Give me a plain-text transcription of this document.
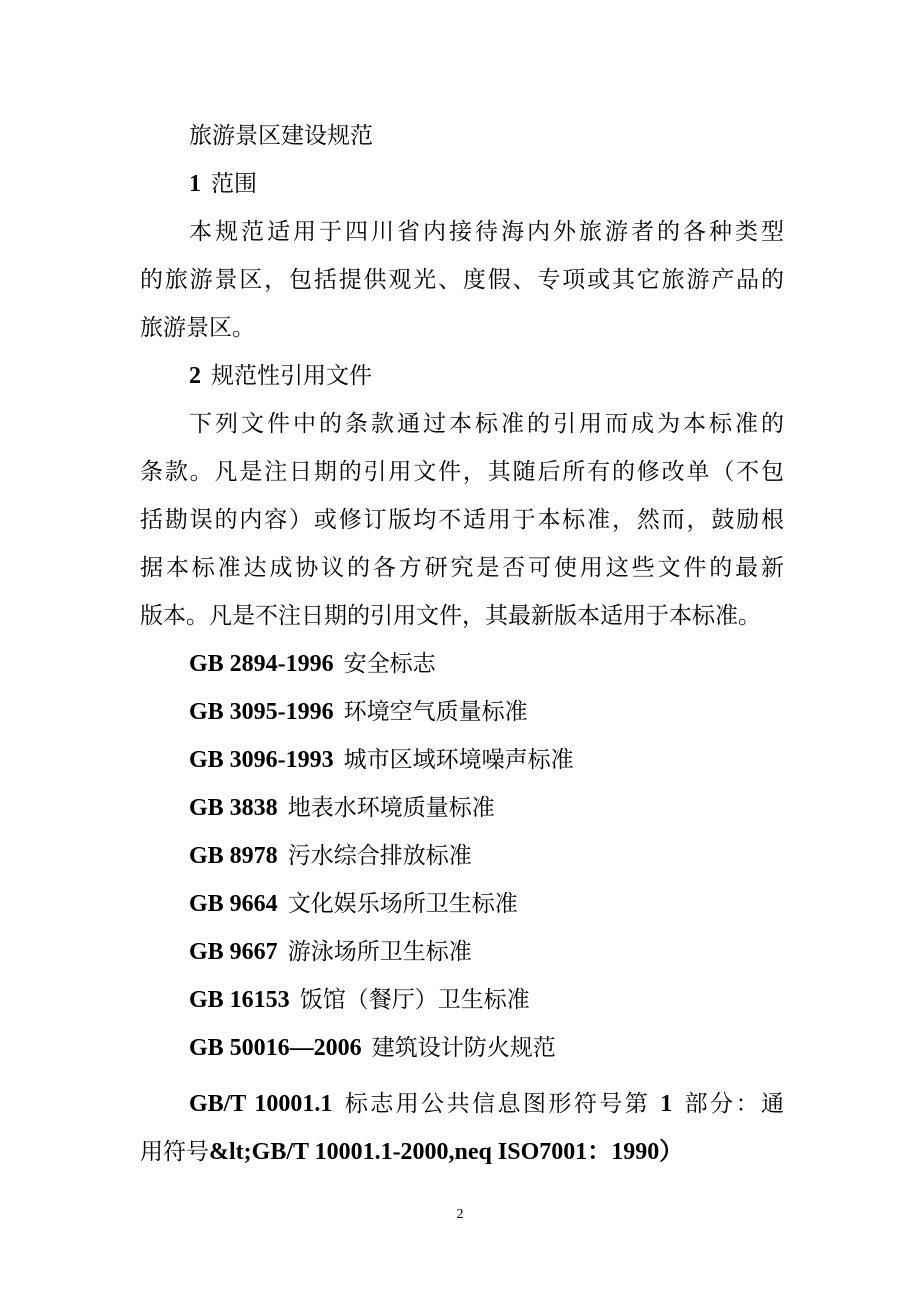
旅游景区建设规范
1 范围
本规范适用于四川省内接待海内外旅游者的各种类型
的旅游景区，包括提供观光、度假、专项或其它旅游产品的
旅游景区。
2 规范性引用文件
下列文件中的条款通过本标准的引用而成为本标准的
条款。凡是注日期的引用文件，其随后所有的修改单（不包
括勘误的内容）或修订版均不适用于本标准，然而，鼓励根
据本标准达成协议的各方研究是否可使用这些文件的最新
版本。凡是不注日期的引用文件，其最新版本适用于本标准。
GB 2894-1996 安全标志
GB 3095-1996 环境空气质量标准
GB 3096-1993 城市区域环境噪声标准
GB 3838 地表水环境质量标准
GB 8978 污水综合排放标准
GB 9664 文化娱乐场所卫生标准
GB 9667 游泳场所卫生标准
GB 16153 饭馆（餐厅）卫生标准
GB 50016—2006 建筑设计防火规范
GB/T 10001.1 标志用公共信息图形符号第 1 部分：通
用符号&lt;GB/T 10001.1-2000,neq ISO7001：1990）
2
